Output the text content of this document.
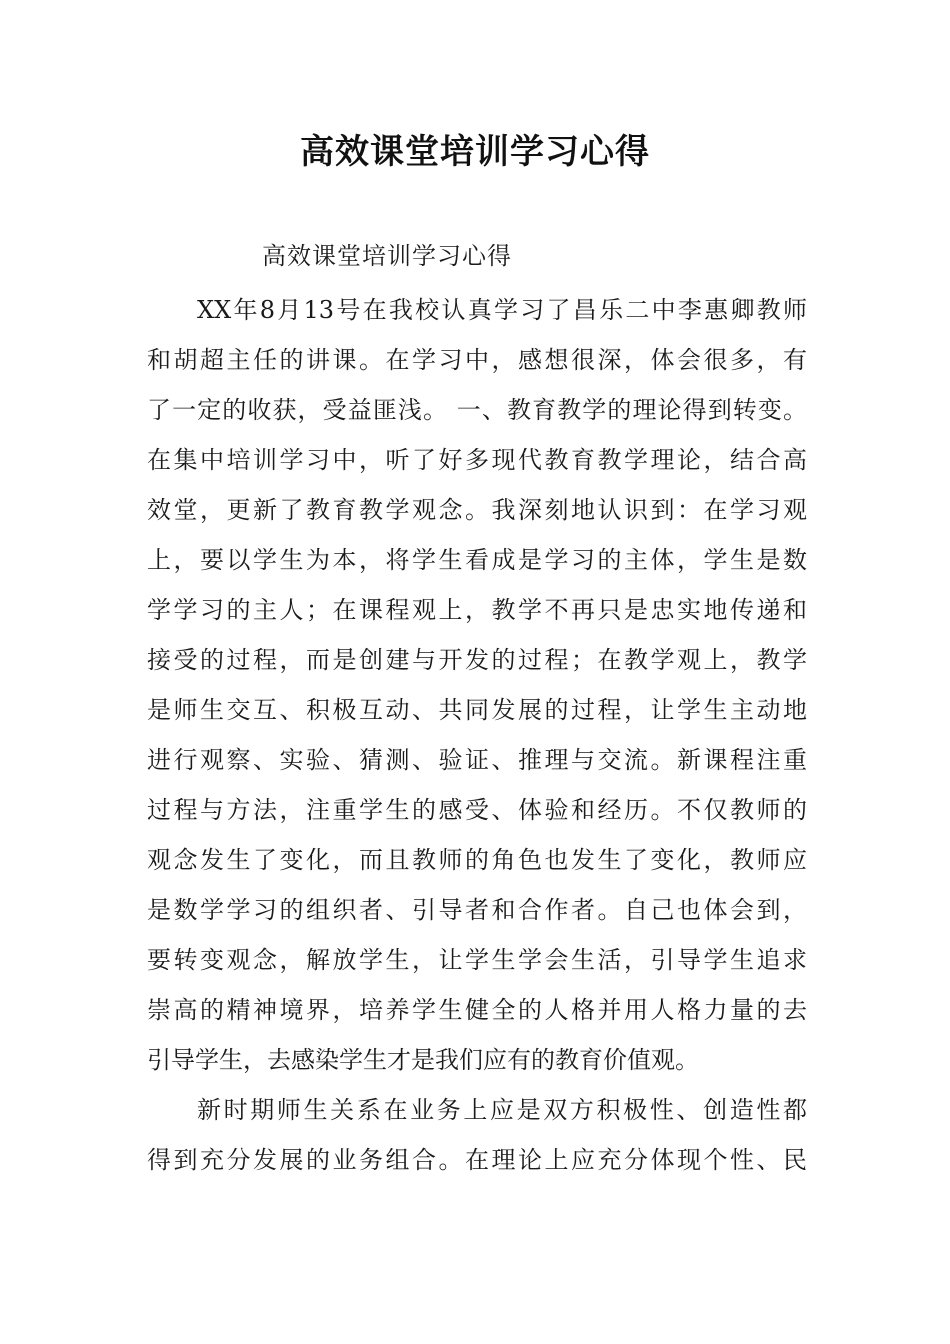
高效课堂培训学习心得

高效课堂培训学习心得

XX年8月13号在我校认真学习了昌乐二中李惠卿教师

和胡超主任的讲课。在学习中，感想很深，体会很多，有

了一定的收获，受益匪浅。 一、教育教学的理论得到转变。

在集中培训学习中，听了好多现代教育教学理论，结合高

效堂，更新了教育教学观念。我深刻地认识到：在学习观

上，要以学生为本，将学生看成是学习的主体，学生是数

学学习的主人；在课程观上，教学不再只是忠实地传递和

接受的过程，而是创建与开发的过程；在教学观上，教学

是师生交互、积极互动、共同发展的过程，让学生主动地

进行观察、实验、猜测、验证、推理与交流。新课程注重

过程与方法，注重学生的感受、体验和经历。不仅教师的

观念发生了变化，而且教师的角色也发生了变化，教师应

是数学学习的组织者、引导者和合作者。自己也体会到，

要转变观念，解放学生，让学生学会生活，引导学生追求

崇高的精神境界，培养学生健全的人格并用人格力量的去

引导学生，去感染学生才是我们应有的教育价值观。

新时期师生关系在业务上应是双方积极性、创造性都

得到充分发展的业务组合。在理论上应充分体现个性、民
